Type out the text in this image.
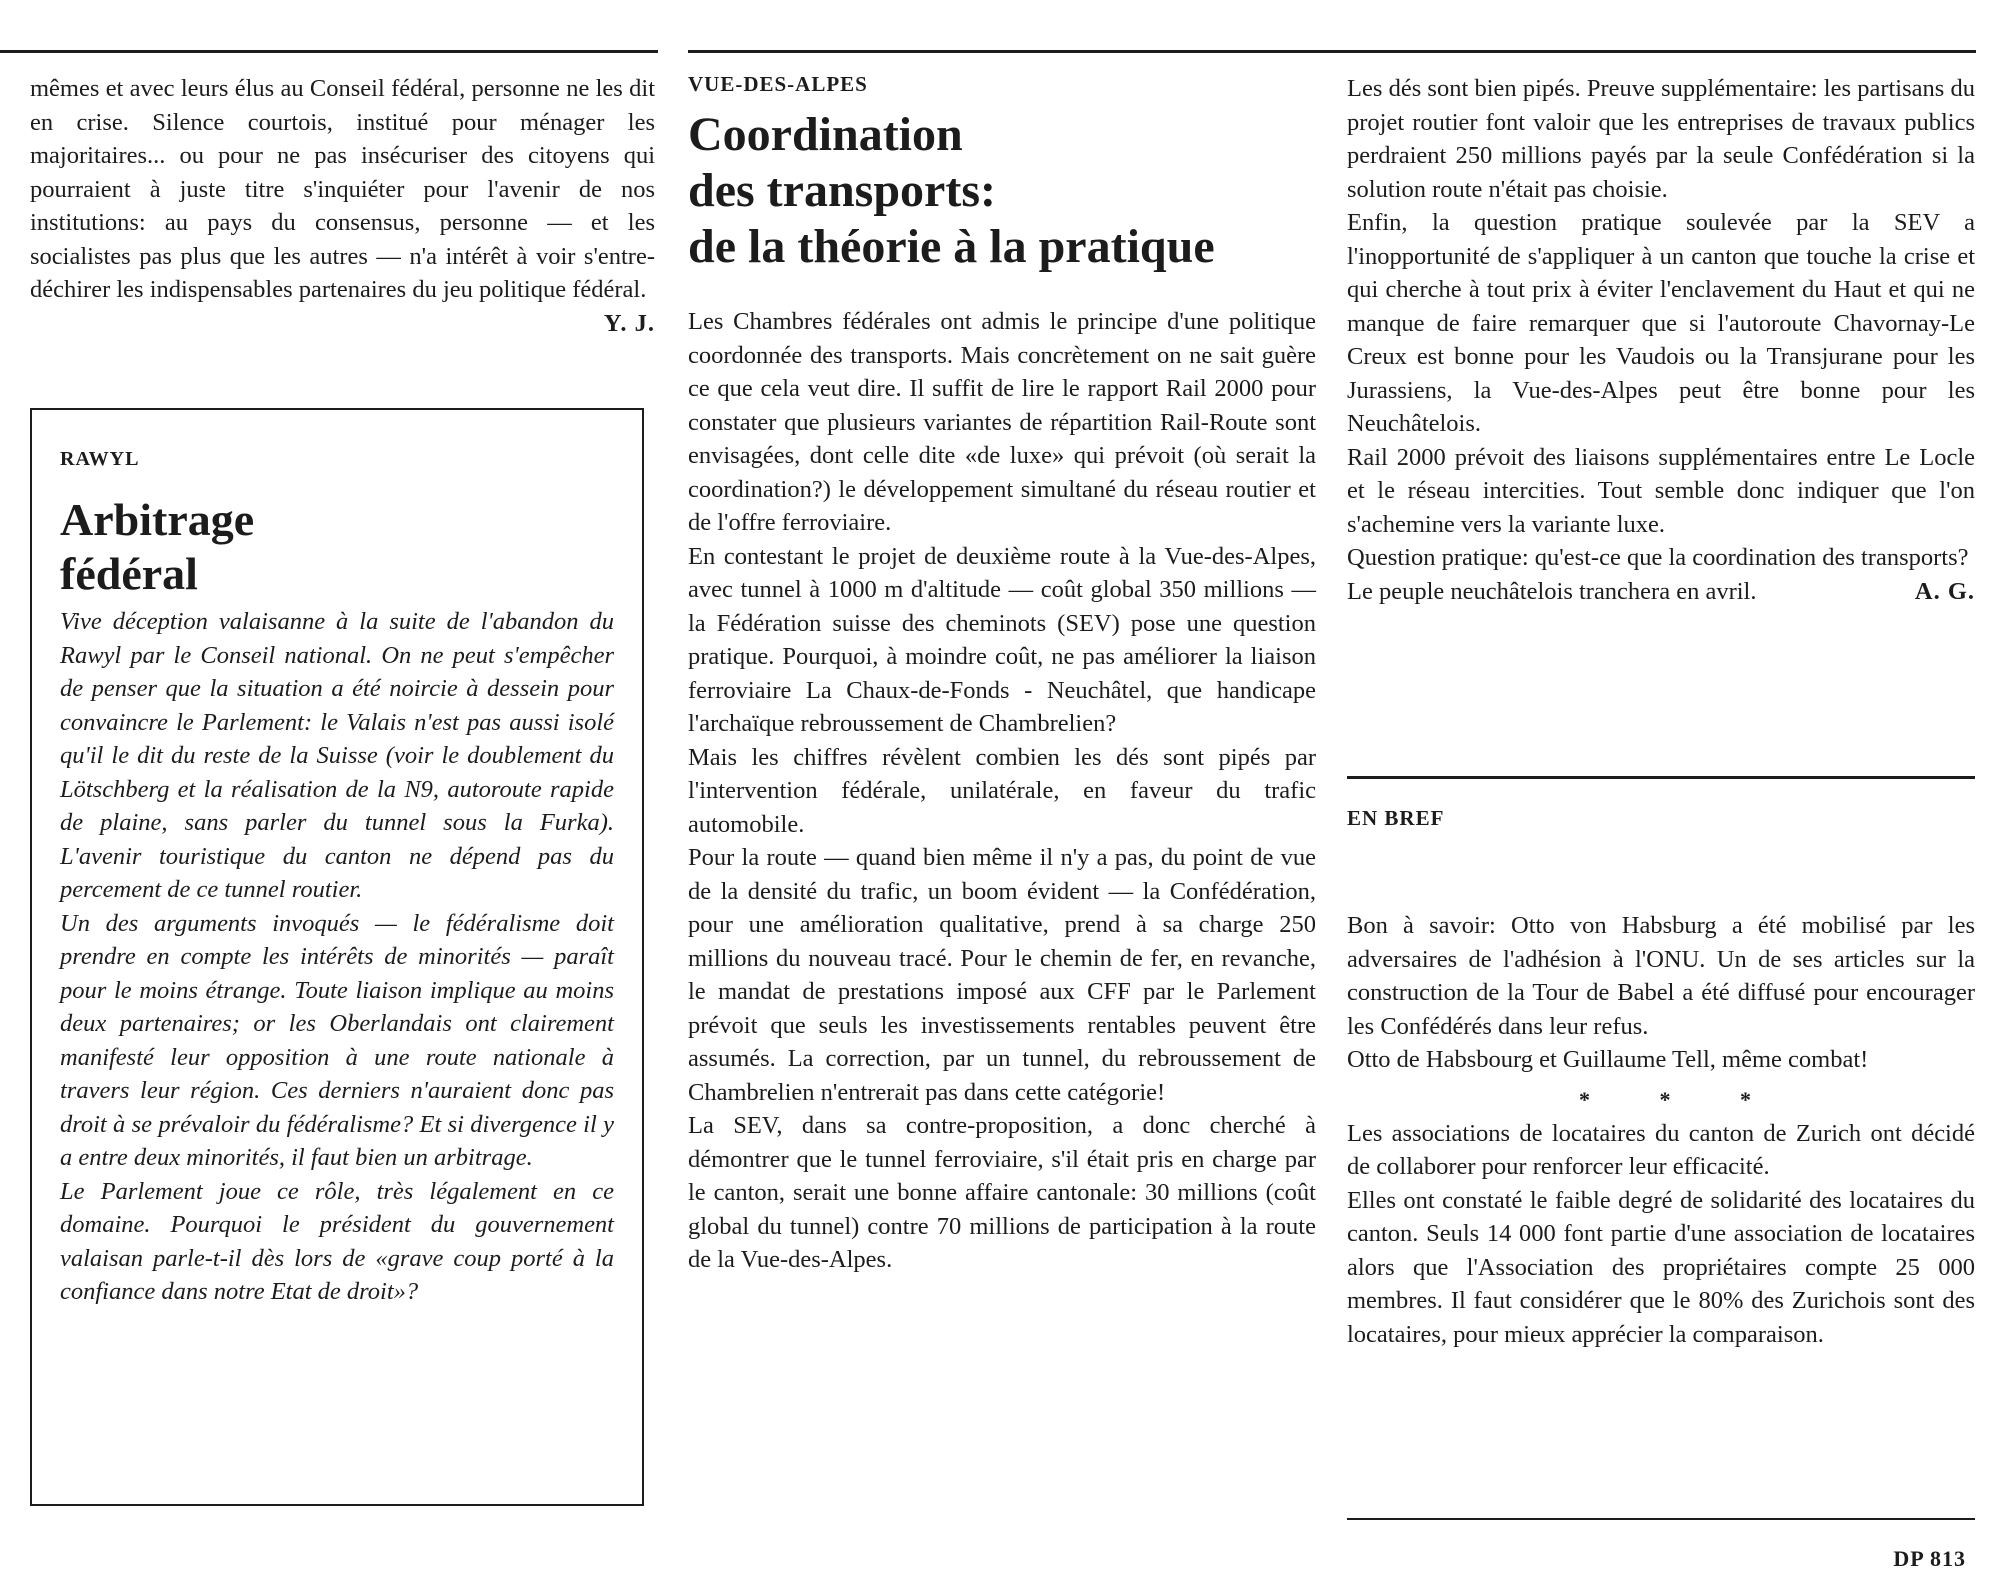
mêmes et avec leurs élus au Conseil fédéral, personne ne les dit en crise. Silence courtois, institué pour ménager les majoritaires... ou pour ne pas insécuriser des citoyens qui pourraient à juste titre s'inquiéter pour l'avenir de nos institutions: au pays du consensus, personne — et les socialistes pas plus que les autres — n'a intérêt à voir s'entre-déchirer les indispensables partenaires du jeu politique fédéral.
Y. J.

RAWYL

Arbitrage

fédéral

Vive déception valaisanne à la suite de l'abandon du Rawyl par le Conseil national. On ne peut s'empêcher de penser que la situation a été noircie à dessein pour convaincre le Parlement: le Valais n'est pas aussi isolé qu'il le dit du reste de la Suisse (voir le doublement du Lötschberg et la réalisation de la N9, autoroute rapide de plaine, sans parler du tunnel sous la Furka). L'avenir touristique du canton ne dépend pas du percement de ce tunnel routier.

Un des arguments invoqués — le fédéralisme doit prendre en compte les intérêts de minorités — paraît pour le moins étrange. Toute liaison implique au moins deux partenaires; or les Oberlandais ont clairement manifesté leur opposition à une route nationale à travers leur région. Ces derniers n'auraient donc pas droit à se prévaloir du fédéralisme? Et si divergence il y a entre deux minorités, il faut bien un arbitrage.

Le Parlement joue ce rôle, très légalement en ce domaine. Pourquoi le président du gouvernement valaisan parle-t-il dès lors de «grave coup porté à la confiance dans notre Etat de droit»?

VUE-DES-ALPES

Coordination

des transports:

de la théorie à la pratique

Les Chambres fédérales ont admis le principe d'une politique coordonnée des transports. Mais concrètement on ne sait guère ce que cela veut dire. Il suffit de lire le rapport Rail 2000 pour constater que plusieurs variantes de répartition Rail-Route sont envisagées, dont celle dite «de luxe» qui prévoit (où serait la coordination?) le développement simultané du réseau routier et de l'offre ferroviaire.

En contestant le projet de deuxième route à la Vue-des-Alpes, avec tunnel à 1000 m d'altitude — coût global 350 millions — la Fédération suisse des cheminots (SEV) pose une question pratique. Pourquoi, à moindre coût, ne pas améliorer la liaison ferroviaire La Chaux-de-Fonds - Neuchâtel, que handicape l'archaïque rebroussement de Chambrelien?

Mais les chiffres révèlent combien les dés sont pipés par l'intervention fédérale, unilatérale, en faveur du trafic automobile.

Pour la route — quand bien même il n'y a pas, du point de vue de la densité du trafic, un boom évident — la Confédération, pour une amélioration qualitative, prend à sa charge 250 millions du nouveau tracé. Pour le chemin de fer, en revanche, le mandat de prestations imposé aux CFF par le Parlement prévoit que seuls les investissements rentables peuvent être assumés. La correction, par un tunnel, du rebroussement de Chambrelien n'entrerait pas dans cette catégorie!

La SEV, dans sa contre-proposition, a donc cherché à démontrer que le tunnel ferroviaire, s'il était pris en charge par le canton, serait une bonne affaire cantonale: 30 millions (coût global du tunnel) contre 70 millions de participation à la route de la Vue-des-Alpes.

Les dés sont bien pipés. Preuve supplémentaire: les partisans du projet routier font valoir que les entreprises de travaux publics perdraient 250 millions payés par la seule Confédération si la solution route n'était pas choisie.

Enfin, la question pratique soulevée par la SEV a l'inopportunité de s'appliquer à un canton que touche la crise et qui cherche à tout prix à éviter l'enclavement du Haut et qui ne manque de faire remarquer que si l'autoroute Chavornay-Le Creux est bonne pour les Vaudois ou la Transjurane pour les Jurassiens, la Vue-des-Alpes peut être bonne pour les Neuchâtelois.

Rail 2000 prévoit des liaisons supplémentaires entre Le Locle et le réseau intercities. Tout semble donc indiquer que l'on s'achemine vers la variante luxe.

Question pratique: qu'est-ce que la coordination des transports?

Le peuple neuchâtelois tranchera en avril.	A. G.

EN BREF

Bon à savoir: Otto von Habsburg a été mobilisé par les adversaires de l'adhésion à l'ONU. Un de ses articles sur la construction de la Tour de Babel a été diffusé pour encourager les Confédérés dans leur refus.

Otto de Habsbourg et Guillaume Tell, même combat!

* * *

Les associations de locataires du canton de Zurich ont décidé de collaborer pour renforcer leur efficacité.

Elles ont constaté le faible degré de solidarité des locataires du canton. Seuls 14 000 font partie d'une association de locataires alors que l'Association des propriétaires compte 25 000 membres. Il faut considérer que le 80% des Zurichois sont des locataires, pour mieux apprécier la comparaison.

DP 813
